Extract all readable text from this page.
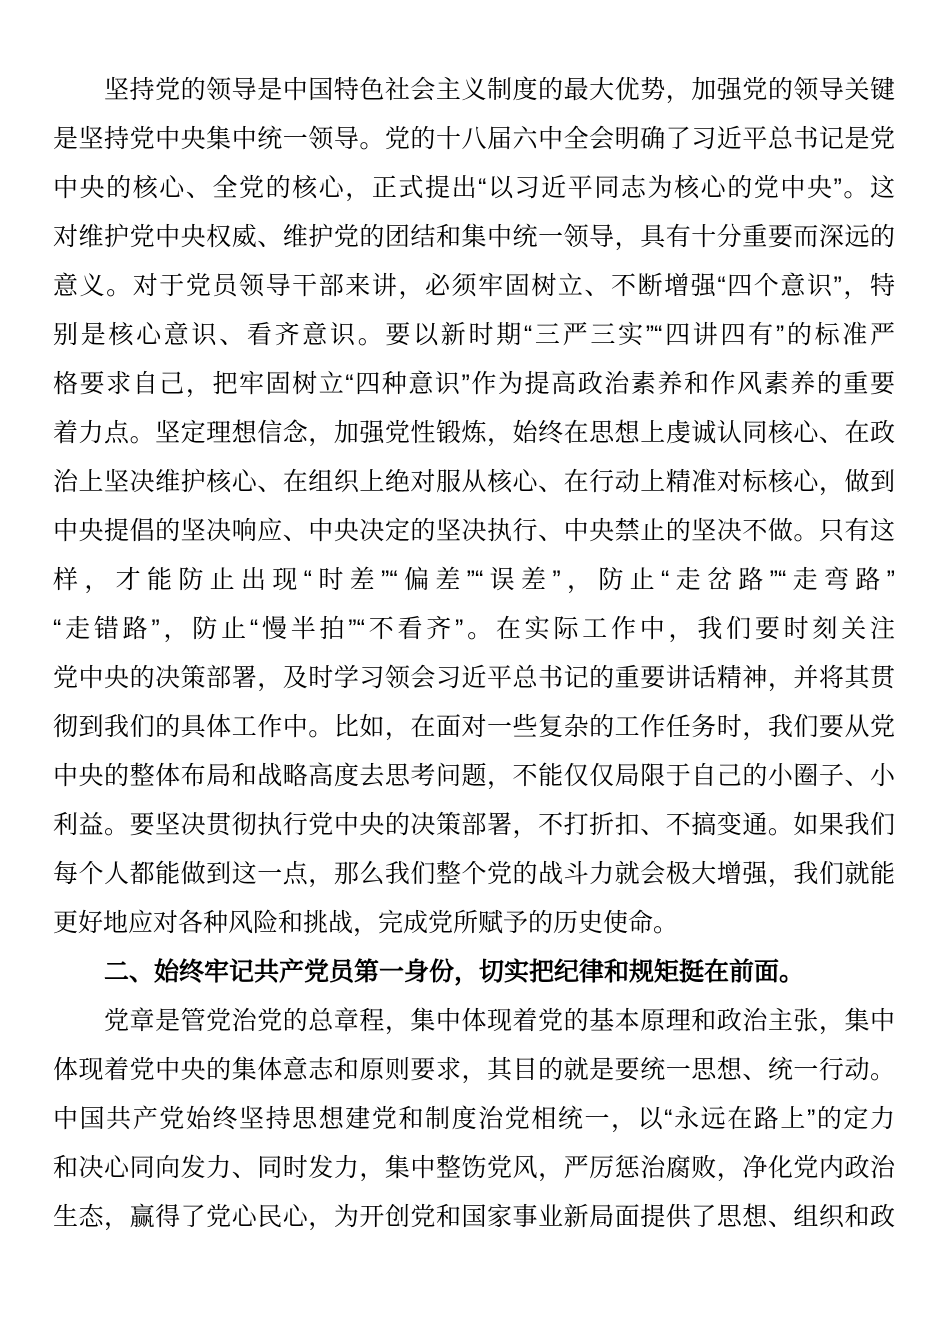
坚持党的领导是中国特色社会主义制度的最大优势，加强党的领导关键
是坚持党中央集中统一领导。党的十八届六中全会明确了习近平总书记是党
中央的核心、全党的核心，正式提出“以习近平同志为核心的党中央”。这
对维护党中央权威、维护党的团结和集中统一领导，具有十分重要而深远的
意义。对于党员领导干部来讲，必须牢固树立、不断增强“四个意识”，特
别是核心意识、看齐意识。要以新时期“三严三实”“四讲四有”的标准严
格要求自己，把牢固树立“四种意识”作为提高政治素养和作风素养的重要
着力点。坚定理想信念，加强党性锻炼，始终在思想上虔诚认同核心、在政
治上坚决维护核心、在组织上绝对服从核心、在行动上精准对标核心，做到
中央提倡的坚决响应、中央决定的坚决执行、中央禁止的坚决不做。只有这
样，才能防止出现“时差”“偏差”“误差”，防止“走岔路”“走弯路”
“走错路”，防止“慢半拍”“不看齐”。在实际工作中，我们要时刻关注
党中央的决策部署，及时学习领会习近平总书记的重要讲话精神，并将其贯
彻到我们的具体工作中。比如，在面对一些复杂的工作任务时，我们要从党
中央的整体布局和战略高度去思考问题，不能仅仅局限于自己的小圈子、小
利益。要坚决贯彻执行党中央的决策部署，不打折扣、不搞变通。如果我们
每个人都能做到这一点，那么我们整个党的战斗力就会极大增强，我们就能
更好地应对各种风险和挑战，完成党所赋予的历史使命。
二、始终牢记共产党员第一身份，切实把纪律和规矩挺在前面。
党章是管党治党的总章程，集中体现着党的基本原理和政治主张，集中
体现着党中央的集体意志和原则要求，其目的就是要统一思想、统一行动。
中国共产党始终坚持思想建党和制度治党相统一，以“永远在路上”的定力
和决心同向发力、同时发力，集中整饬党风，严厉惩治腐败，净化党内政治
生态，赢得了党心民心，为开创党和国家事业新局面提供了思想、组织和政
